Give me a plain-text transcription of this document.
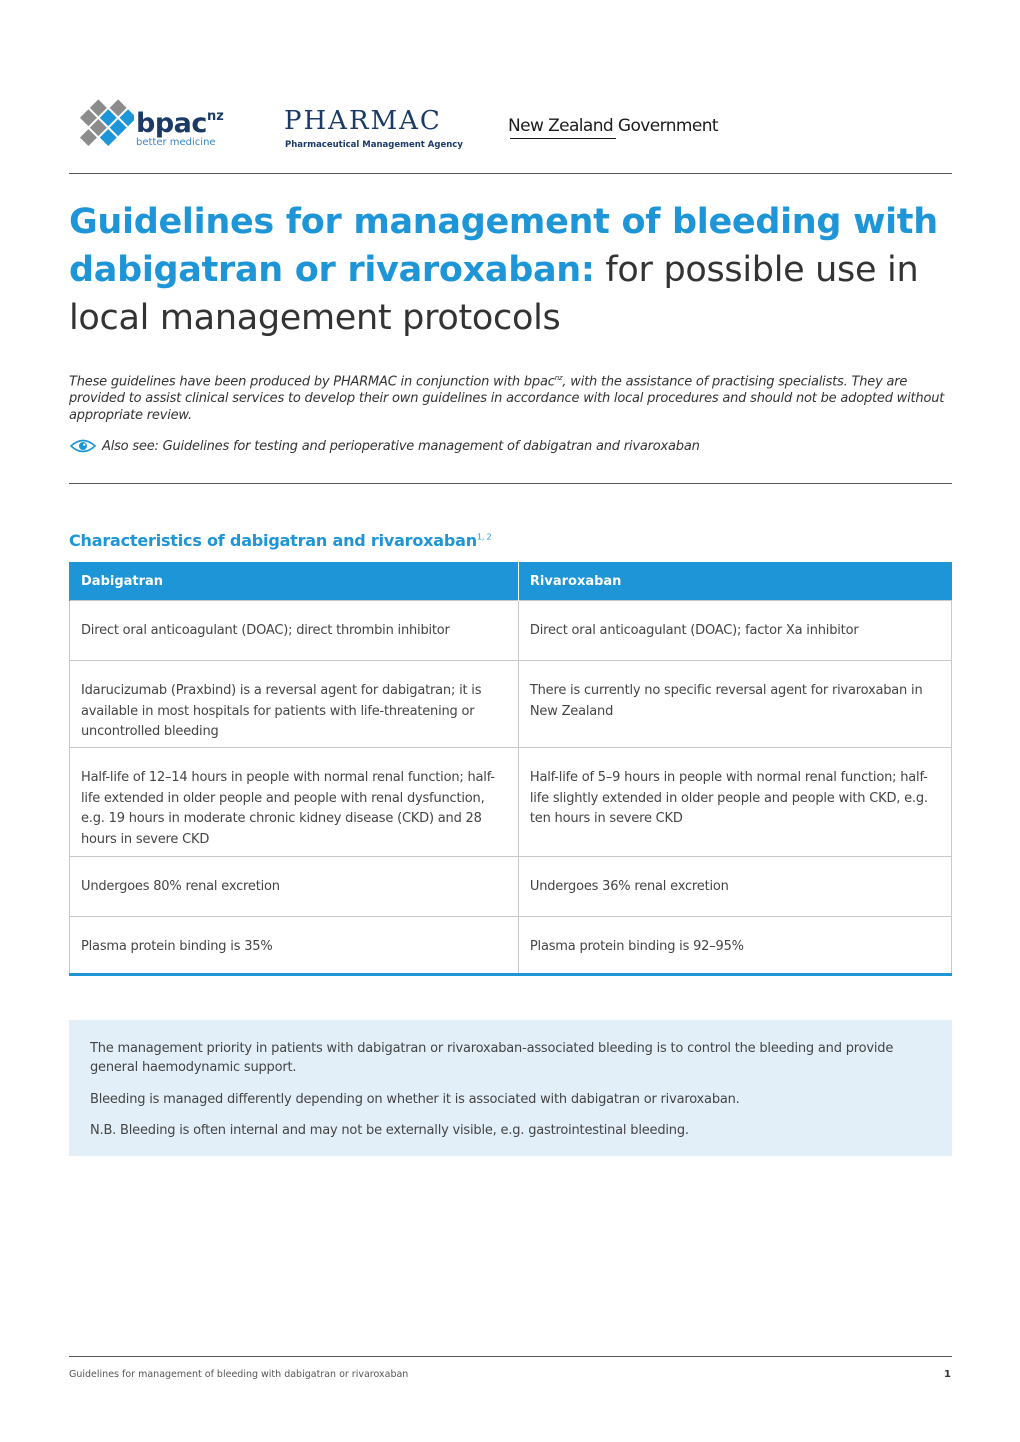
bpac nz
better medicine
PHARMAC
Pharmaceutical Management Agency
New Zealand Government
Guidelines for management of bleeding with dabigatran or rivaroxaban: for possible use in local management protocols

These guidelines have been produced by PHARMAC in conjunction with bpac$^{nz}$, with the assistance of practising specialists. They are provided to assist clinical services to develop their own guidelines in accordance with local procedures and should not be adopted without appropriate review.

Also see: Guidelines for testing and perioperative management of dabigatran and rivaroxaban
Characteristics of dabigatran and rivaroxaban$^{1, 2}$
Dabigatran	Rivaroxaban
Direct oral anticoagulant (DOAC); direct thrombin inhibitor	Direct oral anticoagulant (DOAC); factor Xa inhibitor
Idarucizumab (Praxbind) is a reversal agent for dabigatran; it is available in most hospitals for patients with life-threatening or uncontrolled bleeding	There is currently no specific reversal agent for rivaroxaban in New Zealand
Half-life of 12–14 hours in people with normal renal function; half-life extended in older people and people with renal dysfunction, e.g. 19 hours in moderate chronic kidney disease (CKD) and 28 hours in severe CKD	Half-life of 5–9 hours in people with normal renal function; half-life slightly extended in older people and people with CKD, e.g. ten hours in severe CKD
Undergoes 80% renal excretion	Undergoes 36% renal excretion
Plasma protein binding is 35%	Plasma protein binding is 92–95%

The management priority in patients with dabigatran or rivaroxaban-associated bleeding is to control the bleeding and provide general haemodynamic support.

Bleeding is managed differently depending on whether it is associated with dabigatran or rivaroxaban.

N.B. Bleeding is often internal and may not be externally visible, e.g. gastrointestinal bleeding.

Guidelines for management of bleeding with dabigatran or rivaroxaban	1
